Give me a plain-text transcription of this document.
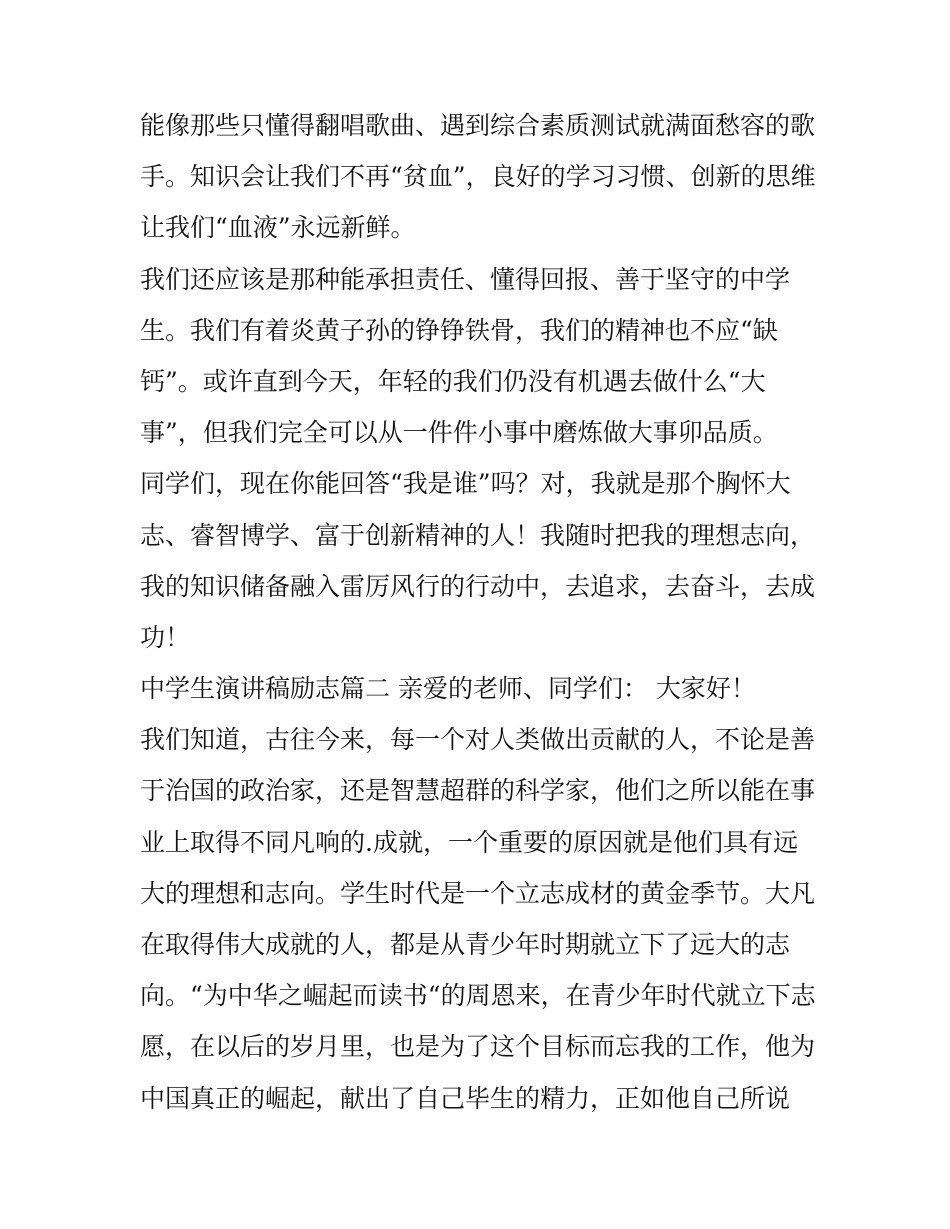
能像那些只懂得翻唱歌曲、遇到综合素质测试就满面愁容的歌
手。知识会让我们不再“贫血”，良好的学习习惯、创新的思维
让我们“血液”永远新鲜。
我们还应该是那种能承担责任、懂得回报、善于坚守的中学
生。我们有着炎黄子孙的铮铮铁骨，我们的精神也不应“缺
钙”。或许直到今天，年轻的我们仍没有机遇去做什么“大
事”，但我们完全可以从一件件小事中磨炼做大事卯品质。
同学们，现在你能回答“我是谁”吗？对，我就是那个胸怀大
志、睿智博学、富于创新精神的人！我随时把我的理想志向，
我的知识储备融入雷厉风行的行动中，去追求，去奋斗，去成
功！
中学生演讲稿励志篇二 亲爱的老师、同学们： 大家好！
我们知道，古往今来，每一个对人类做出贡献的人，不论是善
于治国的政治家，还是智慧超群的科学家，他们之所以能在事
业上取得不同凡响的.成就，一个重要的原因就是他们具有远
大的理想和志向。学生时代是一个立志成材的黄金季节。大凡
在取得伟大成就的人，都是从青少年时期就立下了远大的志
向。“为中华之崛起而读书“的周恩来，在青少年时代就立下志
愿，在以后的岁月里，也是为了这个目标而忘我的工作，他为
中国真正的崛起，献出了自己毕生的精力，正如他自己所说
